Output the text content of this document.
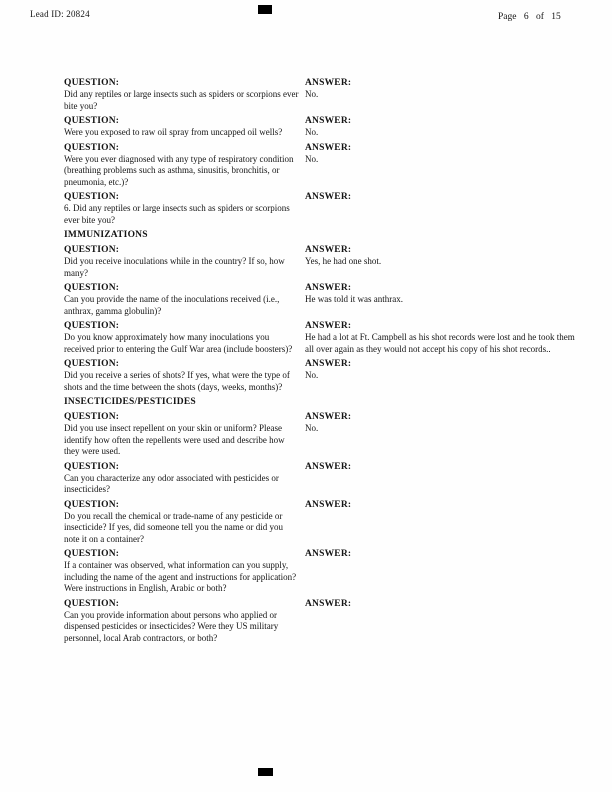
Lead ID: 20824	Page 6 of 15
QUESTION:
Did any reptiles or large insects such as spiders or scorpions ever bite you?
ANSWER:
No.
QUESTION:
Were you exposed to raw oil spray from uncapped oil wells?
ANSWER:
No.
QUESTION:
Were you ever diagnosed with any type of respiratory condition (breathing problems such as asthma, sinusitis, bronchitis, or pneumonia, etc.)?
ANSWER:
No.
QUESTION:
6. Did any reptiles or large insects such as spiders or scorpions ever bite you?
ANSWER:
IMMUNIZATIONS
QUESTION:
Did you receive inoculations while in the country? If so, how many?
ANSWER:
Yes, he had one shot.
QUESTION:
Can you provide the name of the inoculations received (i.e., anthrax, gamma globulin)?
ANSWER:
He was told it was anthrax.
QUESTION:
Do you know approximately how many inoculations you received prior to entering the Gulf War area (include boosters)?
ANSWER:
He had a lot at Ft. Campbell as his shot records were lost and he took them all over again as they would not accept his copy of his shot records..
QUESTION:
Did you receive a series of shots? If yes, what were the type of shots and the time between the shots (days, weeks, months)?
ANSWER:
No.
INSECTICIDES/PESTICIDES
QUESTION:
Did you use insect repellent on your skin or uniform? Please identify how often the repellents were used and describe how they were used.
ANSWER:
No.
QUESTION:
Can you characterize any odor associated with pesticides or insecticides?
ANSWER:
QUESTION:
Do you recall the chemical or trade-name of any pesticide or insecticide? If yes, did someone tell you the name or did you note it on a container?
ANSWER:
QUESTION:
If a container was observed, what information can you supply, including the name of the agent and instructions for application? Were instructions in English, Arabic or both?
ANSWER:
QUESTION:
Can you provide information about persons who applied or dispensed pesticides or insecticides? Were they US military personnel, local Arab contractors, or both?
ANSWER:
